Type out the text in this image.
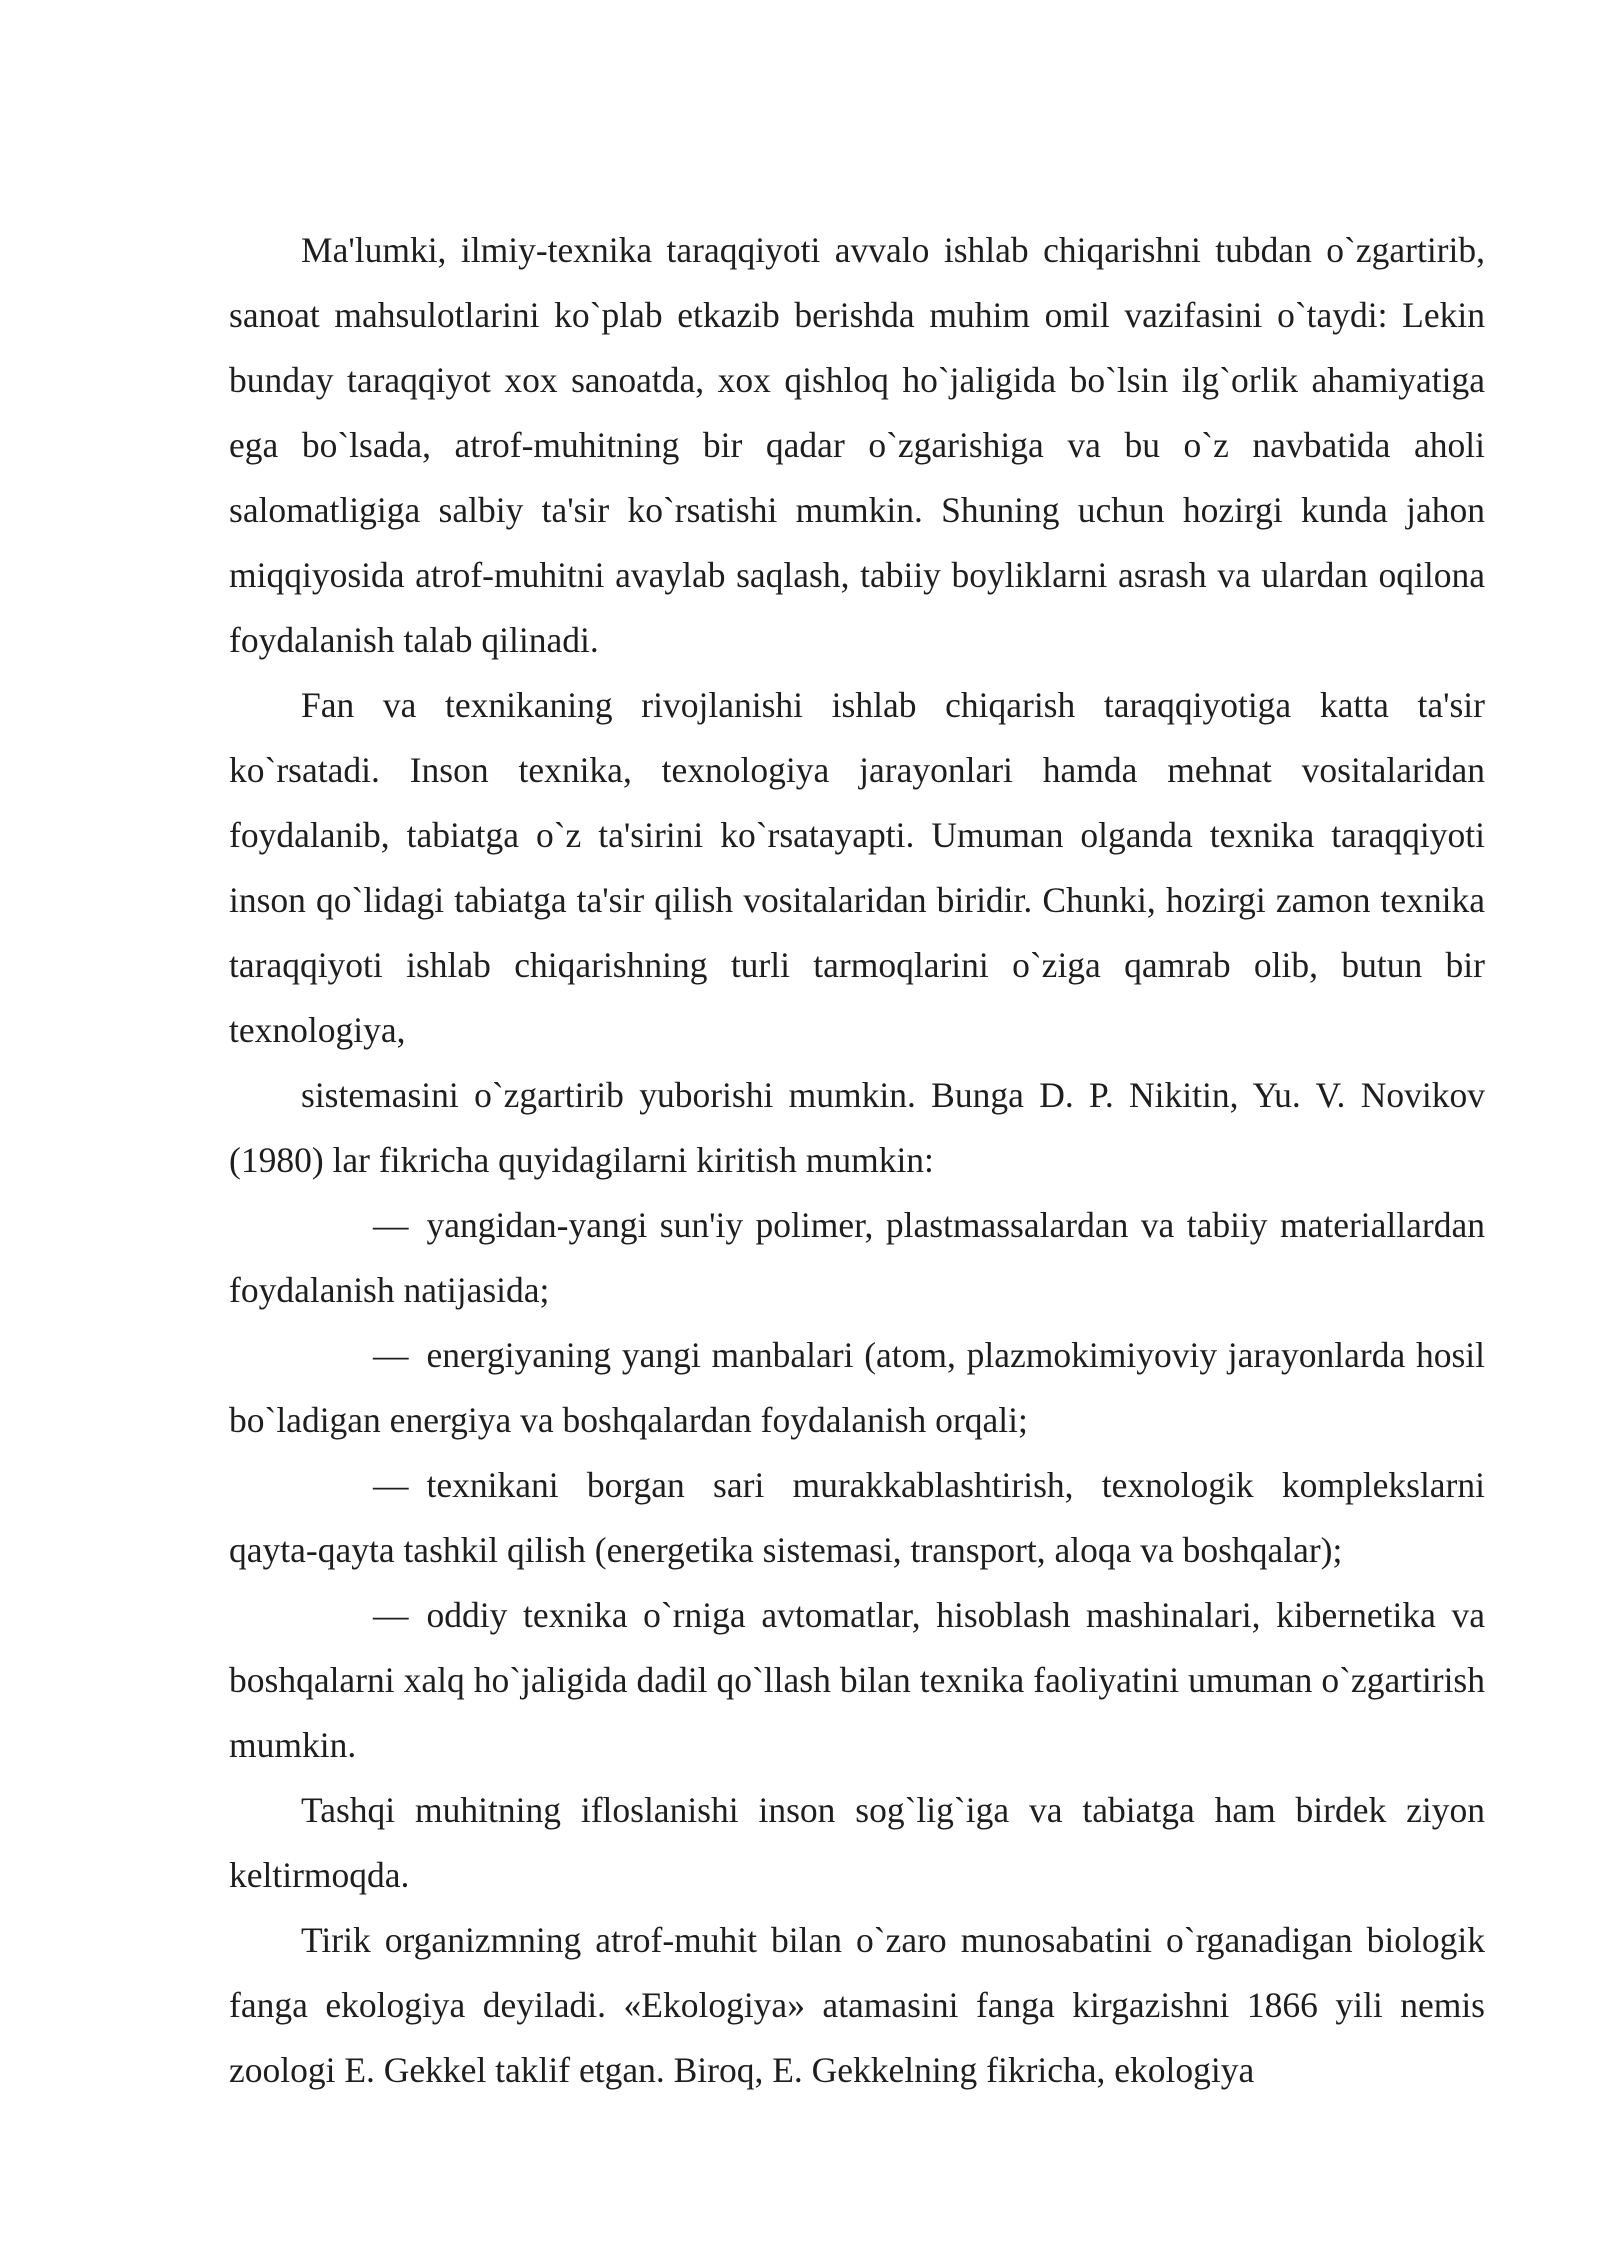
Ma'lumki, ilmiy-texnika taraqqiyoti avvalo ishlab chiqarishni tubdan o`zgartirib, sanoat mahsulotlarini ko`plab etkazib berishda muhim omil vazifasini o`taydi: Lekin bunday taraqqiyot xox sanoatda, xox qishloq ho`jaligida bo`lsin ilg`orlik ahamiyatiga ega bo`lsada, atrof-muhitning bir qadar o`zgarishiga va bu o`z navbatida aholi salomatligiga salbiy ta'sir ko`rsatishi mumkin. Shuning uchun hozirgi kunda jahon miqqiyosida atrof-muhitni avaylab saqlash, tabiiy boyliklarni asrash va ulardan oqilona foydalanish talab qilinadi.

Fan va texnikaning rivojlanishi ishlab chiqarish taraqqiyotiga katta ta'sir ko`rsatadi. Inson texnika, texnologiya jarayonlari hamda mehnat vositalaridan foydalanib, tabiatga o`z ta'sirini ko`rsatayapti. Umuman olganda texnika taraqqiyoti inson qo`lidagi tabiatga ta'sir qilish vositalaridan biridir. Chunki, hozirgi zamon texnika taraqqiyoti ishlab chiqarishning turli tarmoqlarini o`ziga qamrab olib, butun bir texnologiya,

sistemasini o`zgartirib yuborishi mumkin. Bunga D. P. Nikitin, Yu. V. Novikov (1980) lar fikricha quyidagilarni kiritish mumkin:

— yangidan-yangi sun'iy polimer, plastmassalardan va tabiiy materiallardan foydalanish natijasida;

— energiyaning yangi manbalari (atom, plazmokimiyoviy jarayonlarda hosil bo`ladigan energiya va boshqalardan foydalanish orqali;

— texnikani borgan sari murakkablashtirish, texnologik komplekslarni qayta-qayta tashkil qilish (energetika sistemasi, transport, aloqa va boshqalar);

— oddiy texnika o`rniga avtomatlar, hisoblash mashinalari, kibernetika va boshqalarni xalq ho`jaligida dadil qo`llash bilan texnika faoliyatini umuman o`zgartirish mumkin.

Tashqi muhitning ifloslanishi inson sog`lig`iga va tabiatga ham birdek ziyon keltirmoqda.

Tirik organizmning atrof-muhit bilan o`zaro munosabatini o`rganadigan biologik fanga ekologiya deyiladi. «Ekologiya» atamasini fanga kirgazishni 1866 yili nemis zoologi E. Gekkel taklif etgan. Biroq, E. Gekkelning fikricha, ekologiya
